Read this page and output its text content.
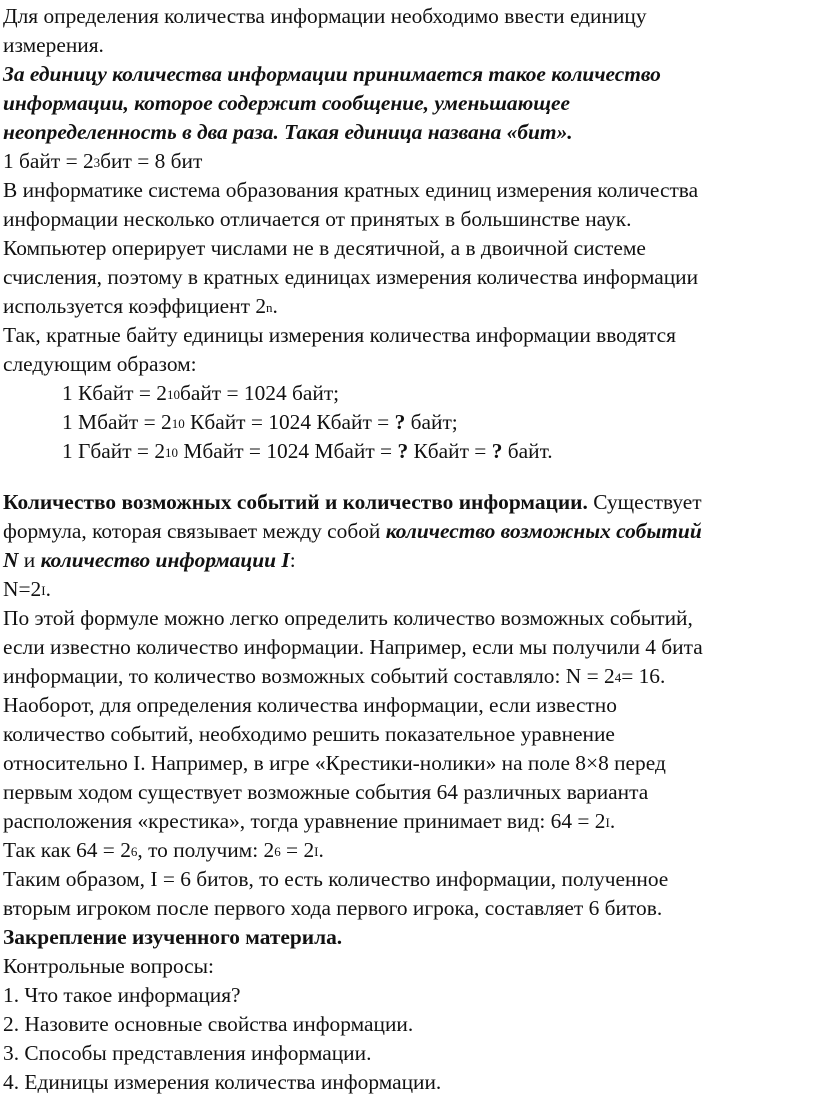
Для определения количества информации необходимо ввести единицу
измерения.
За единицу количества информации принимается такое количество
информации, которое содержит сообщение, уменьшающее
неопределенность в два раза. Такая единица названа «бит».
1 байт = $2^3$ бит = 8 бит
В информатике система образования кратных единиц измерения количества
информации несколько отличается от принятых в большинстве наук.
Компьютер оперирует числами не в десятичной, а в двоичной системе
счисления, поэтому в кратных единицах измерения количества информации
используется коэффициент 2$^n$ .
Так, кратные байту единицы измерения количества информации вводятся
следующим образом:
1 Кбайт = $2^{10}$ байт = 1024 байт;
1 Мбайт = $2^{10}$ Кбайт = 1024 Кбайт = ? байт;
1 Гбайт = $2^{10}$ Мбайт = 1024 Мбайт = ? Кбайт = ? байт.
Количество возможных событий и количество информации. Существует
формула, которая связывает между собой количество возможных событий
N и количество информации I :
$N=2^I$ .
По этой формуле можно легко определить количество возможных событий,
если известно количество информации. Например, если мы получили 4 бита
информации, то количество возможных событий составляло: $N = 2^4 = 16$.
Наоборот, для определения количества информации, если известно
количество событий, необходимо решить показательное уравнение
относительно I. Например, в игре «Крестики-нолики» на поле 8×8 перед
первым ходом существует возможные события 64 различных варианта
расположения «крестика», тогда уравнение принимает вид: $64 = 2^I$ .
Так как $64 = 2^6$ , то получим: $2^6 = 2^I$ .
Таким образом, I = 6 битов, то есть количество информации, полученное
вторым игроком после первого хода первого игрока, составляет 6 битов.
Закрепление изученного материла.
Контрольные вопросы:
1. Что такое информация?
2. Назовите основные свойства информации.
3. Способы представления информации.
4. Единицы измерения количества информации.
